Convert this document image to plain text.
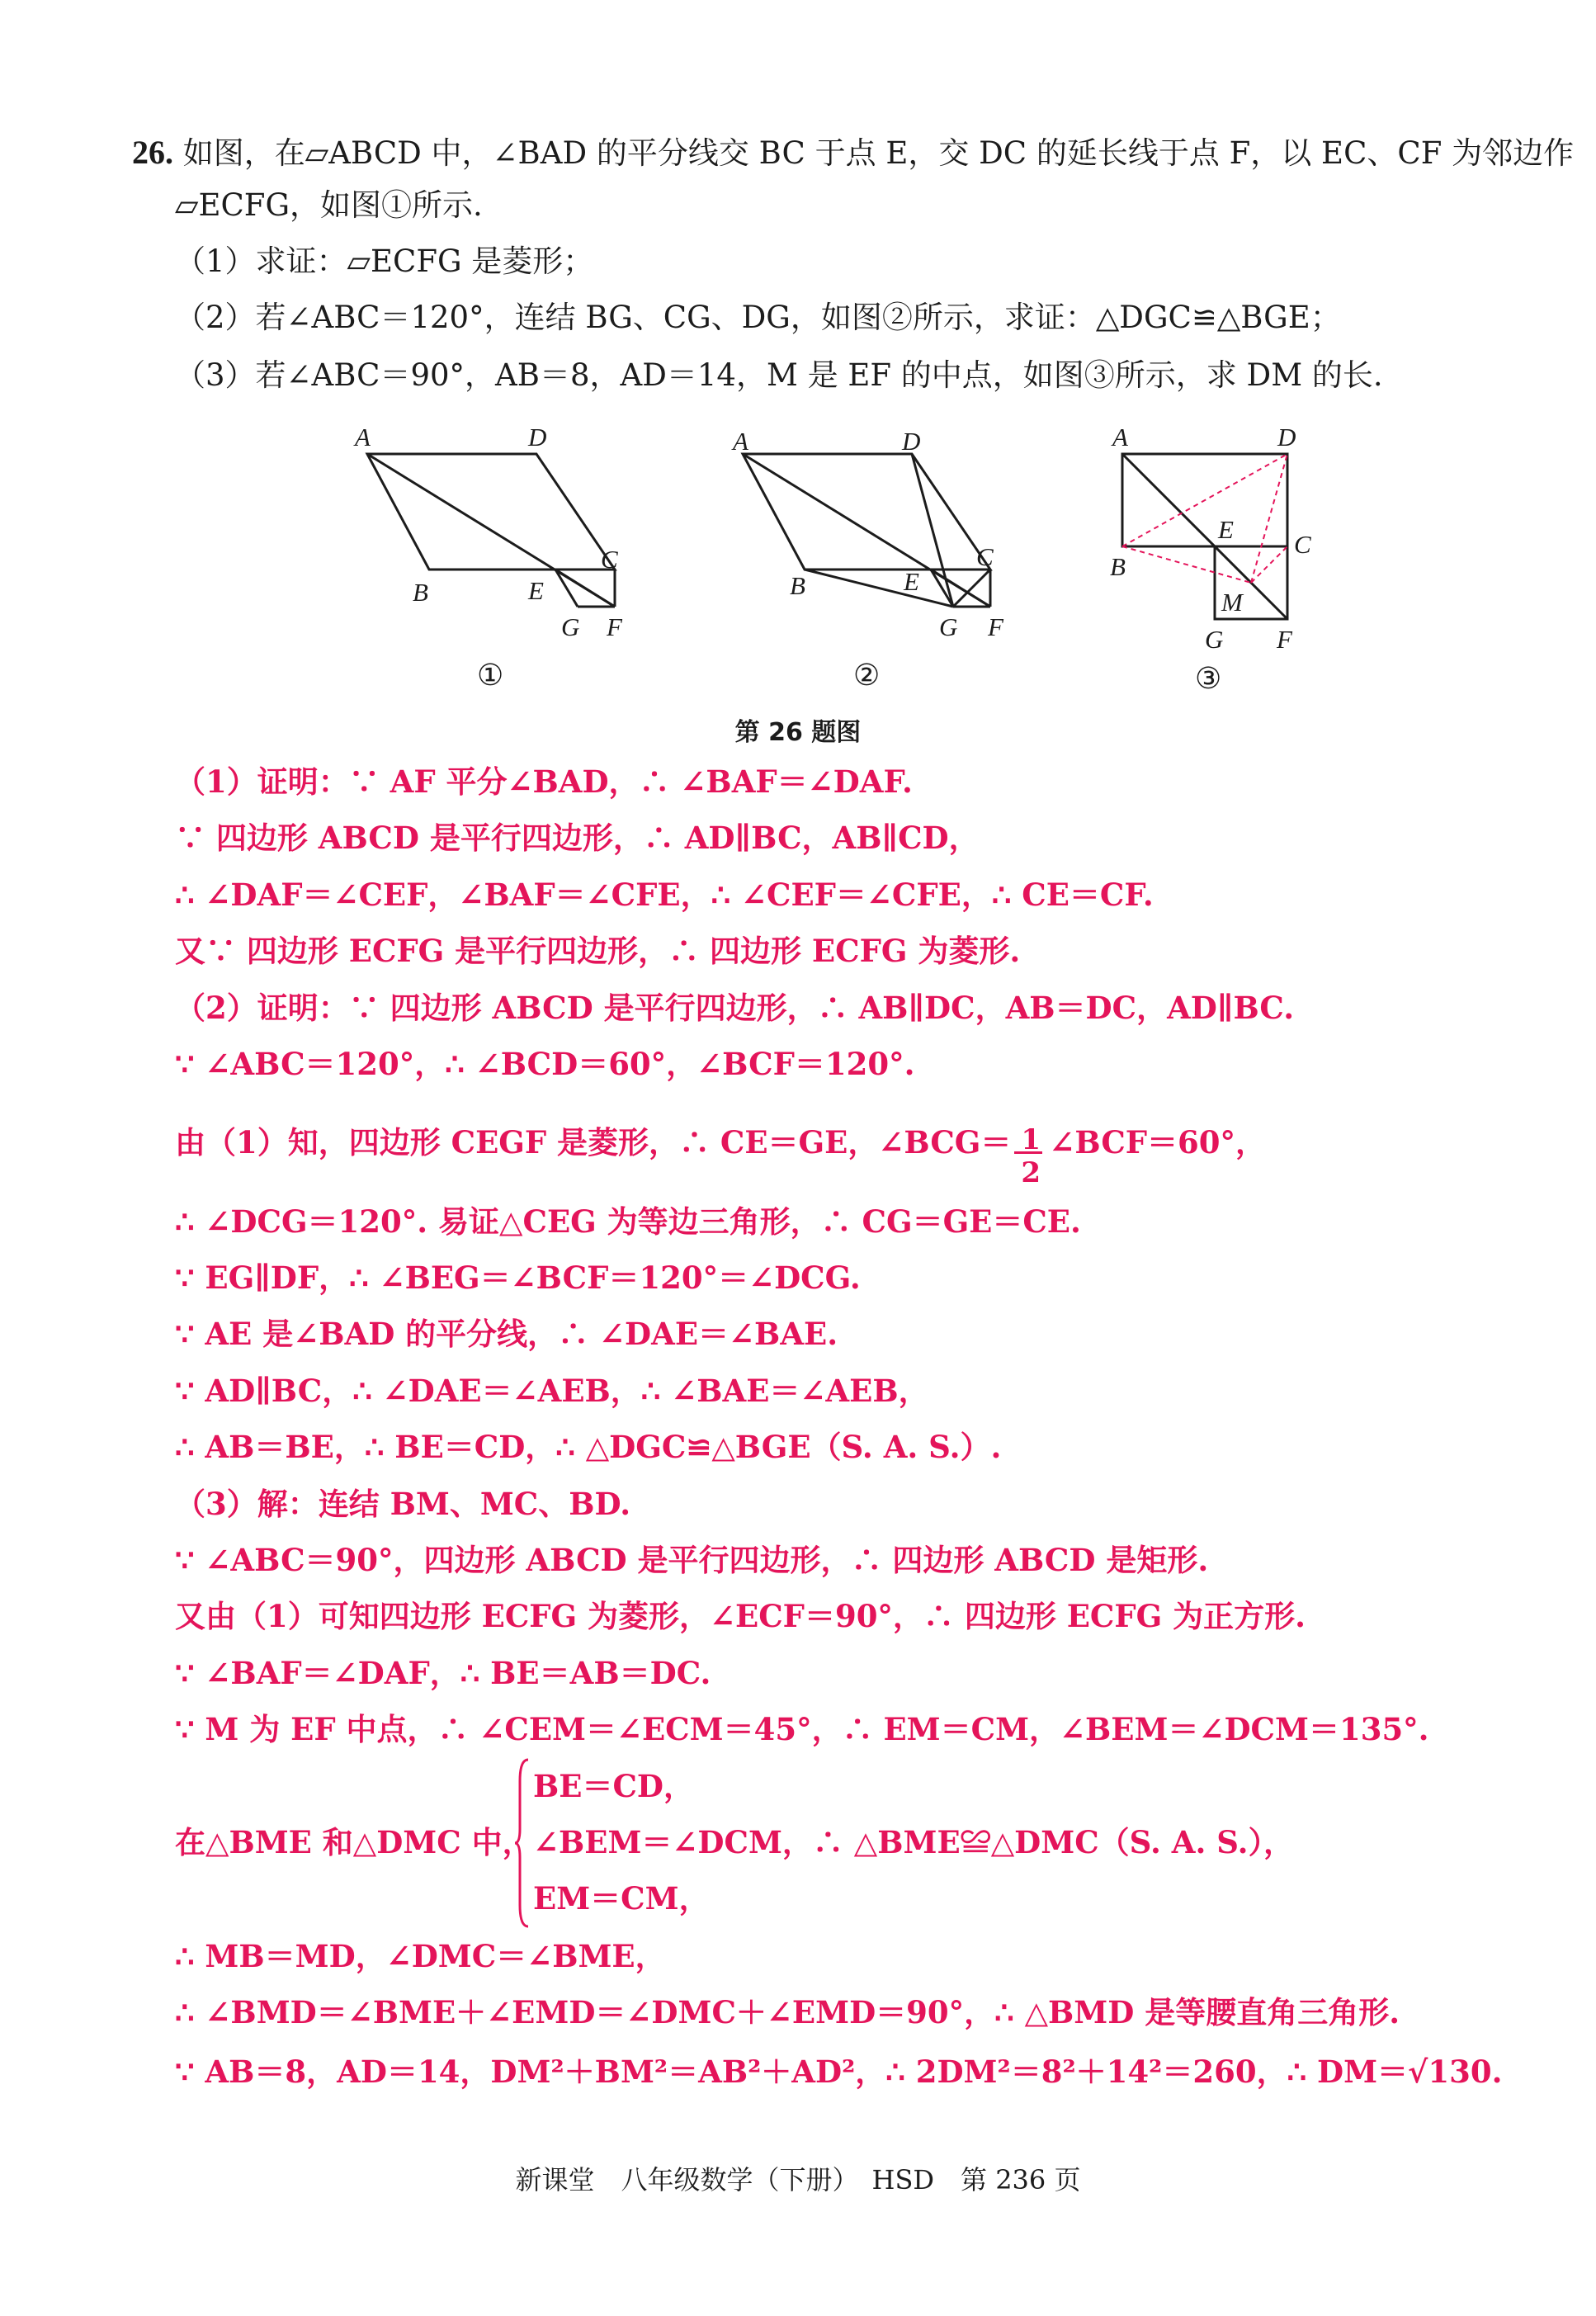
26. 如图，在▱ABCD 中，∠BAD 的平分线交 BC 于点 E，交 DC 的延长线于点 F，以 EC、CF 为邻边作
▱ECFG，如图①所示.
（1）求证：▱ECFG 是菱形；
（2）若∠ABC＝120°，连结 BG、CG、DG，如图②所示，求证：△DGC≌△BGE；
（3）若∠ABC＝90°，AB＝8，AD＝14，M 是 EF 的中点，如图③所示，求 DM 的长.
A	D
B	E
C
G F
①
A	D
B	E
C
G F
②
A	D
B
E
C
M
G F
③
第 26 题图
（1）证明：∵ AF 平分∠BAD，∴ ∠BAF＝∠DAF.
∵ 四边形 ABCD 是平行四边形，∴ AD∥BC，AB∥CD，
∴ ∠DAF＝∠CEF，∠BAF＝∠CFE，∴ ∠CEF＝∠CFE，∴ CE＝CF.
又∵ 四边形 ECFG 是平行四边形，∴ 四边形 ECFG 为菱形.
（2）证明：∵ 四边形 ABCD 是平行四边形，∴ AB∥DC，AB＝DC，AD∥BC.
∵ ∠ABC＝120°，∴ ∠BCD＝60°，∠BCF＝120°.
由（1）知，四边形 CEGF 是菱形，∴ CE＝GE，∠BCG＝
$\frac{1}{2}$
∠BCF＝60°，
∴ ∠DCG＝120°. 易证△CEG 为等边三角形，∴ CG＝GE＝CE.
∵ EG∥DF，∴ ∠BEG＝∠BCF＝120°＝∠DCG.
∵ AE 是∠BAD 的平分线，∴ ∠DAE＝∠BAE.
∵ AD∥BC，∴ ∠DAE＝∠AEB，∴ ∠BAE＝∠AEB，
∴ AB＝BE，∴ BE＝CD，∴ △DGC≌△BGE（S. A. S.）.
（3）解：连结 BM、MC、BD.
∵ ∠ABC＝90°，四边形 ABCD 是平行四边形，∴ 四边形 ABCD 是矩形.
又由（1）可知四边形 ECFG 为菱形，∠ECF＝90°，∴ 四边形 ECFG 为正方形.
∵ ∠BAF＝∠DAF，∴ BE＝AB＝DC.
∵ M 为 EF 中点，∴ ∠CEM＝∠ECM＝45°，∴ EM＝CM，∠BEM＝∠DCM＝135°.
在△BME 和△DMC 中，
BE＝CD，
∠BEM＝∠DCM，∴ △BME≌△DMC（S. A. S.），
EM＝CM，
∴ MB＝MD，∠DMC＝∠BME，
∴ ∠BMD＝∠BME＋∠EMD＝∠DMC＋∠EMD＝90°，∴ △BMD 是等腰直角三角形.
∵ AB＝8，AD＝14，DM²＋BM²＝AB²＋AD²，∴ 2DM²＝8²＋14²＝260，∴ DM＝√130.
新课堂　八年级数学（下册）　HSD　第 236 页
